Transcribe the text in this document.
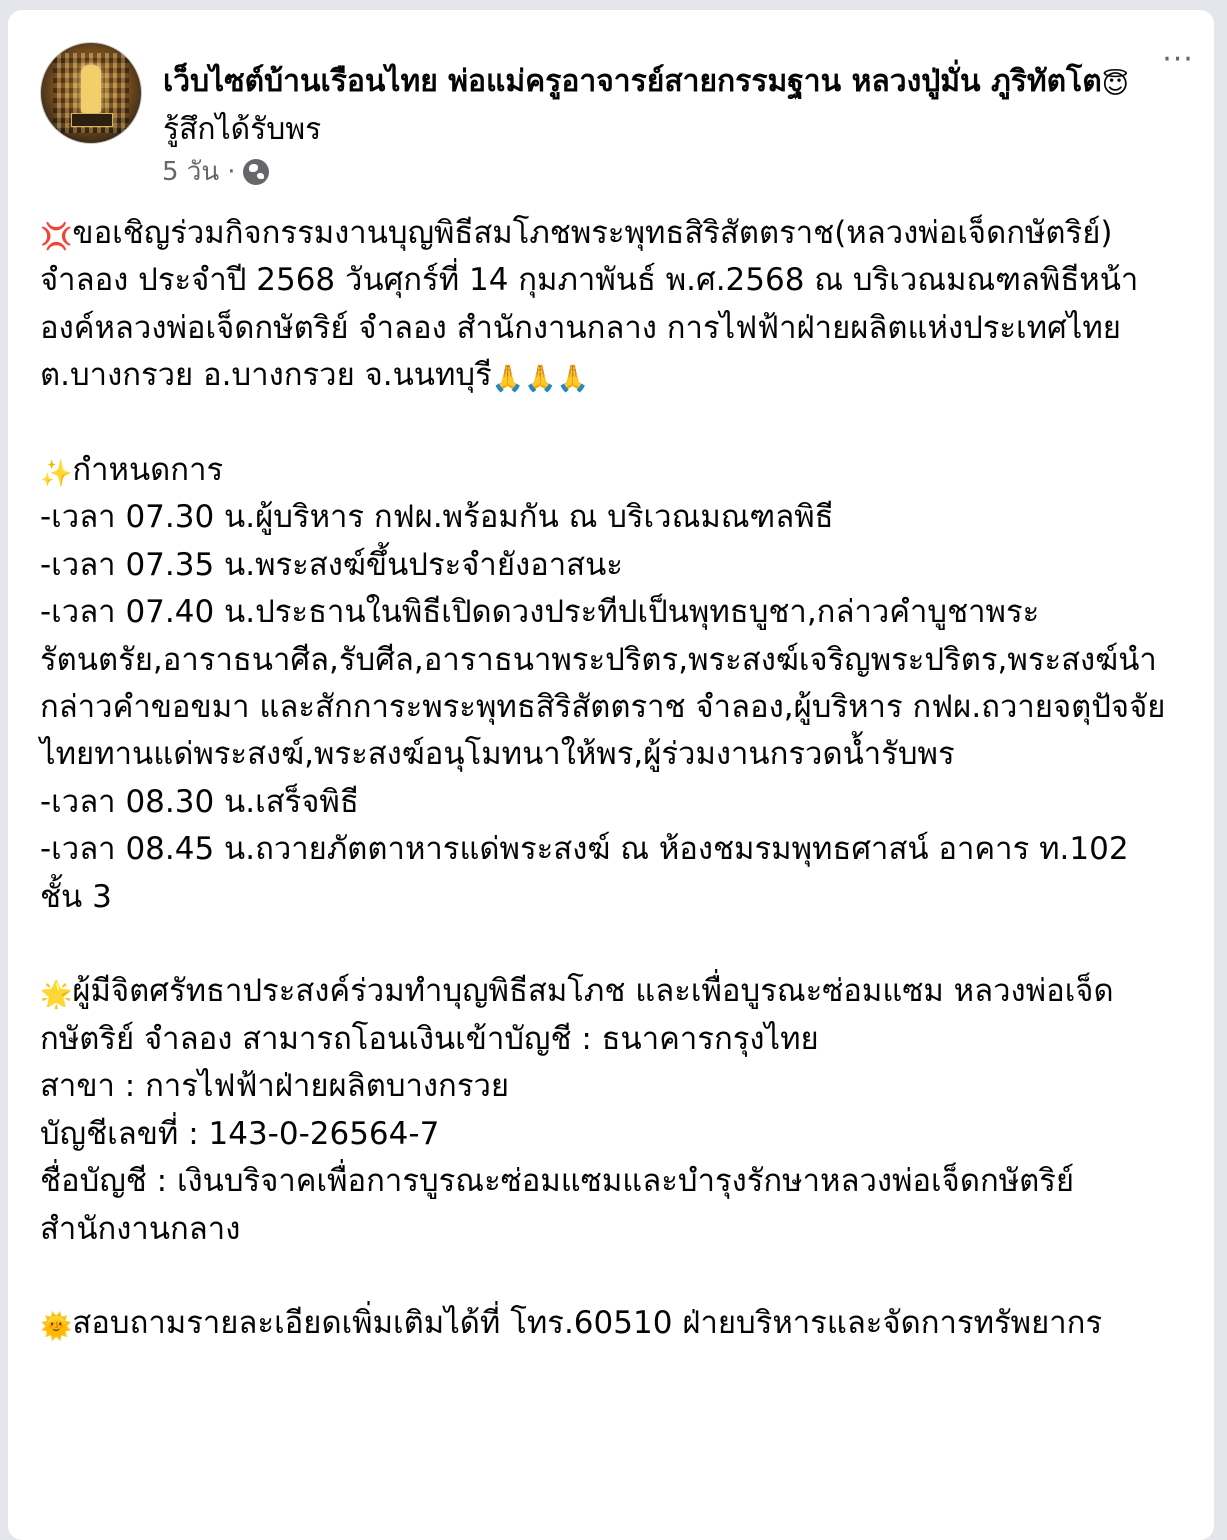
เว็บไซต์บ้านเรือนไทย พ่อแม่ครูอาจารย์สายกรรมฐาน หลวงปู่มั่น ภูริทัตโต😇รู้สึกได้รับพร
···
5 วัน ·

💢ขอเชิญร่วมกิจกรรมงานบุญพิธีสมโภชพระพุทธสิริสัตตราช(หลวงพ่อเจ็ดกษัตริย์) จำลอง ประจำปี 2568 วันศุกร์ที่ 14 กุมภาพันธ์ พ.ศ.2568 ณ บริเวณมณฑลพิธีหน้าองค์หลวงพ่อเจ็ดกษัตริย์ จำลอง สำนักงานกลาง การไฟฟ้าฝ่ายผลิตแห่งประเทศไทย ต.บางกรวย อ.บางกรวย จ.นนทบุรี🙏🙏🙏

✨กำหนดการ

-เวลา 07.30 น.ผู้บริหาร กฟผ.พร้อมกัน ณ บริเวณมณฑลพิธี

-เวลา 07.35 น.พระสงฆ์ขึ้นประจำยังอาสนะ

-เวลา 07.40 น.ประธานในพิธีเปิดดวงประทีปเป็นพุทธบูชา,กล่าวคำบูชาพระรัตนตรัย,อาราธนาศีล,รับศีล,อาราธนาพระปริตร,พระสงฆ์เจริญพระปริตร,พระสงฆ์นำกล่าวคำขอขมา และสักการะพระพุทธสิริสัตตราช จำลอง,ผู้บริหาร กฟผ.ถวายจตุปัจจัยไทยทานแด่พระสงฆ์,พระสงฆ์อนุโมทนาให้พร,ผู้ร่วมงานกรวดน้ำรับพร

-เวลา 08.30 น.เสร็จพิธี

-เวลา 08.45 น.ถวายภัตตาหารแด่พระสงฆ์ ณ ห้องชมรมพุทธศาสน์ อาคาร ท.102 ชั้น 3

🌟ผู้มีจิตศรัทธาประสงค์ร่วมทำบุญพิธีสมโภช และเพื่อบูรณะซ่อมแซม หลวงพ่อเจ็ดกษัตริย์ จำลอง สามารถโอนเงินเข้าบัญชี : ธนาคารกรุงไทย

สาขา : การไฟฟ้าฝ่ายผลิตบางกรวย

บัญชีเลขที่ : 143-0-26564-7

ชื่อบัญชี : เงินบริจาคเพื่อการบูรณะซ่อมแซมและบำรุงรักษาหลวงพ่อเจ็ดกษัตริย์ สำนักงานกลาง

🌞สอบถามรายละเอียดเพิ่มเติมได้ที่ โทร.60510 ฝ่ายบริหารและจัดการทรัพยากร
